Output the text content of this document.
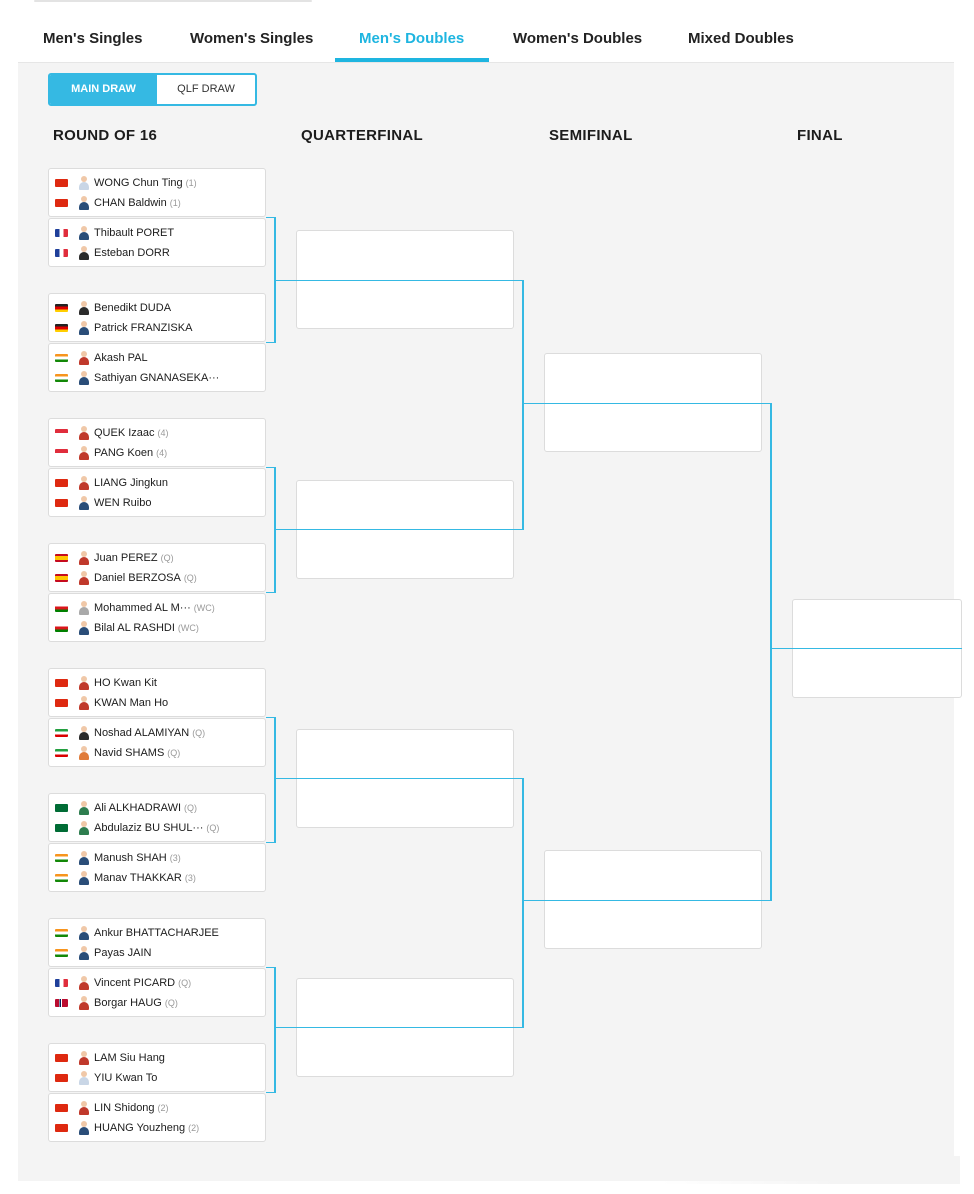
Men's Singles	Women's Singles	Men's Doubles	Women's Doubles	Mixed Doubles
MAIN DRAW	QLF DRAW
ROUND OF 16	QUARTERFINAL	SEMIFINAL	FINAL
WONG Chun Ting (1)
CHAN Baldwin (1)
Thibault PORET
Esteban DORR
Benedikt DUDA
Patrick FRANZISKA
Akash PAL
Sathiyan GNANASEKA···
QUEK Izaac (4)
PANG Koen (4)
LIANG Jingkun
WEN Ruibo
Juan PEREZ (Q)
Daniel BERZOSA (Q)
Mohammed AL M··· (WC)
Bilal AL RASHDI (WC)
HO Kwan Kit
KWAN Man Ho
Noshad ALAMIYAN (Q)
Navid SHAMS (Q)
Ali ALKHADRAWI (Q)
Abdulaziz BU SHUL··· (Q)
Manush SHAH (3)
Manav THAKKAR (3)
Ankur BHATTACHARJEE
Payas JAIN
Vincent PICARD (Q)
Borgar HAUG (Q)
LAM Siu Hang
YIU Kwan To
LIN Shidong (2)
HUANG Youzheng (2)
